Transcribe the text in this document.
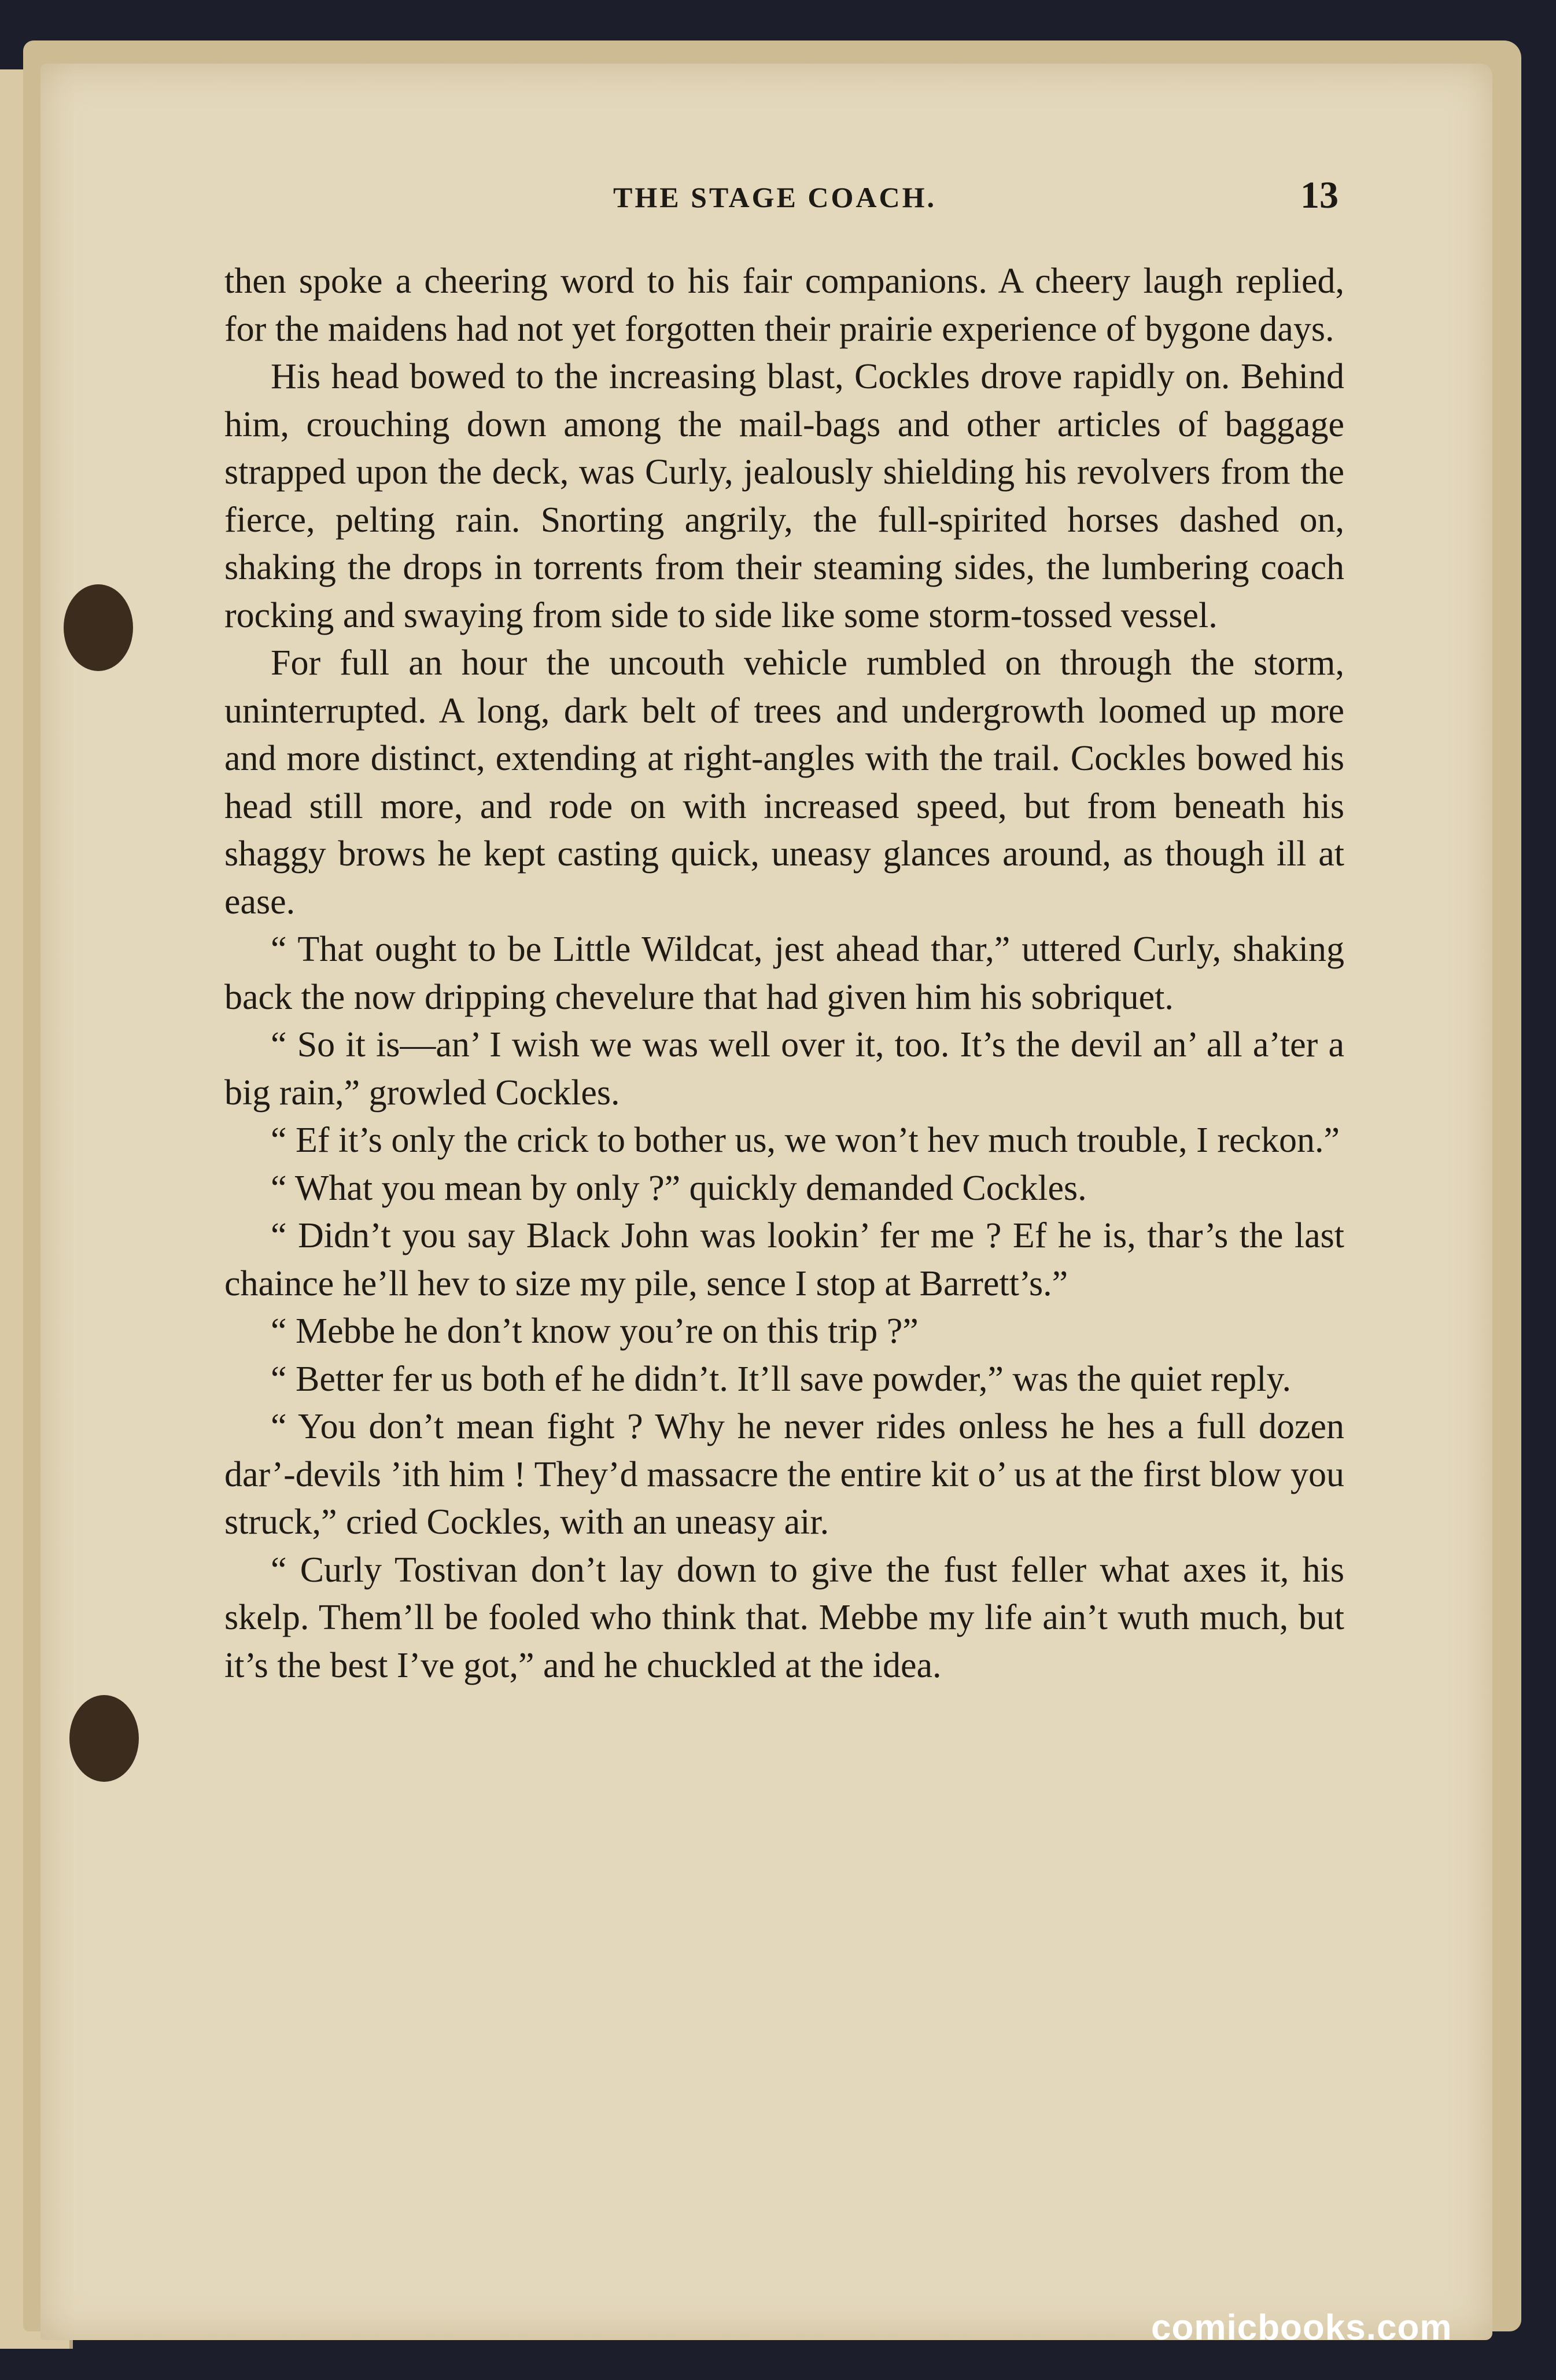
THE STAGE COACH.	13

then spoke a cheering word to his fair companions. A cheery laugh replied, for the maidens had not yet forgotten their prairie experience of bygone days.

His head bowed to the increasing blast, Cockles drove rapidly on. Behind him, crouching down among the mail-bags and other articles of baggage strapped upon the deck, was Curly, jealously shielding his revolvers from the fierce, pelting rain. Snorting angrily, the full-spirited horses dashed on, shaking the drops in torrents from their steaming sides, the lumbering coach rocking and swaying from side to side like some storm-tossed vessel.

For full an hour the uncouth vehicle rumbled on through the storm, uninterrupted. A long, dark belt of trees and undergrowth loomed up more and more distinct, extending at right-angles with the trail. Cockles bowed his head still more, and rode on with increased speed, but from beneath his shaggy brows he kept casting quick, uneasy glances around, as though ill at ease.

“ That ought to be Little Wildcat, jest ahead thar,” uttered Curly, shaking back the now dripping chevelure that had given him his sobriquet.

“ So it is—an’ I wish we was well over it, too. It’s the devil an’ all a’ter a big rain,” growled Cockles.

“ Ef it’s only the crick to bother us, we won’t hev much trouble, I reckon.”

“ What you mean by only ?” quickly demanded Cockles.

“ Didn’t you say Black John was lookin’ fer me ? Ef he is, thar’s the last chaince he’ll hev to size my pile, sence I stop at Barrett’s.”

“ Mebbe he don’t know you’re on this trip ?”

“ Better fer us both ef he didn’t. It’ll save powder,” was the quiet reply.

“ You don’t mean fight ? Why he never rides onless he hes a full dozen dar’-devils ’ith him ! They’d massacre the entire kit o’ us at the first blow you struck,” cried Cockles, with an uneasy air.

“ Curly Tostivan don’t lay down to give the fust feller what axes it, his skelp. Them’ll be fooled who think that. Mebbe my life ain’t wuth much, but it’s the best I’ve got,” and he chuckled at the idea.

comicbooks.com
